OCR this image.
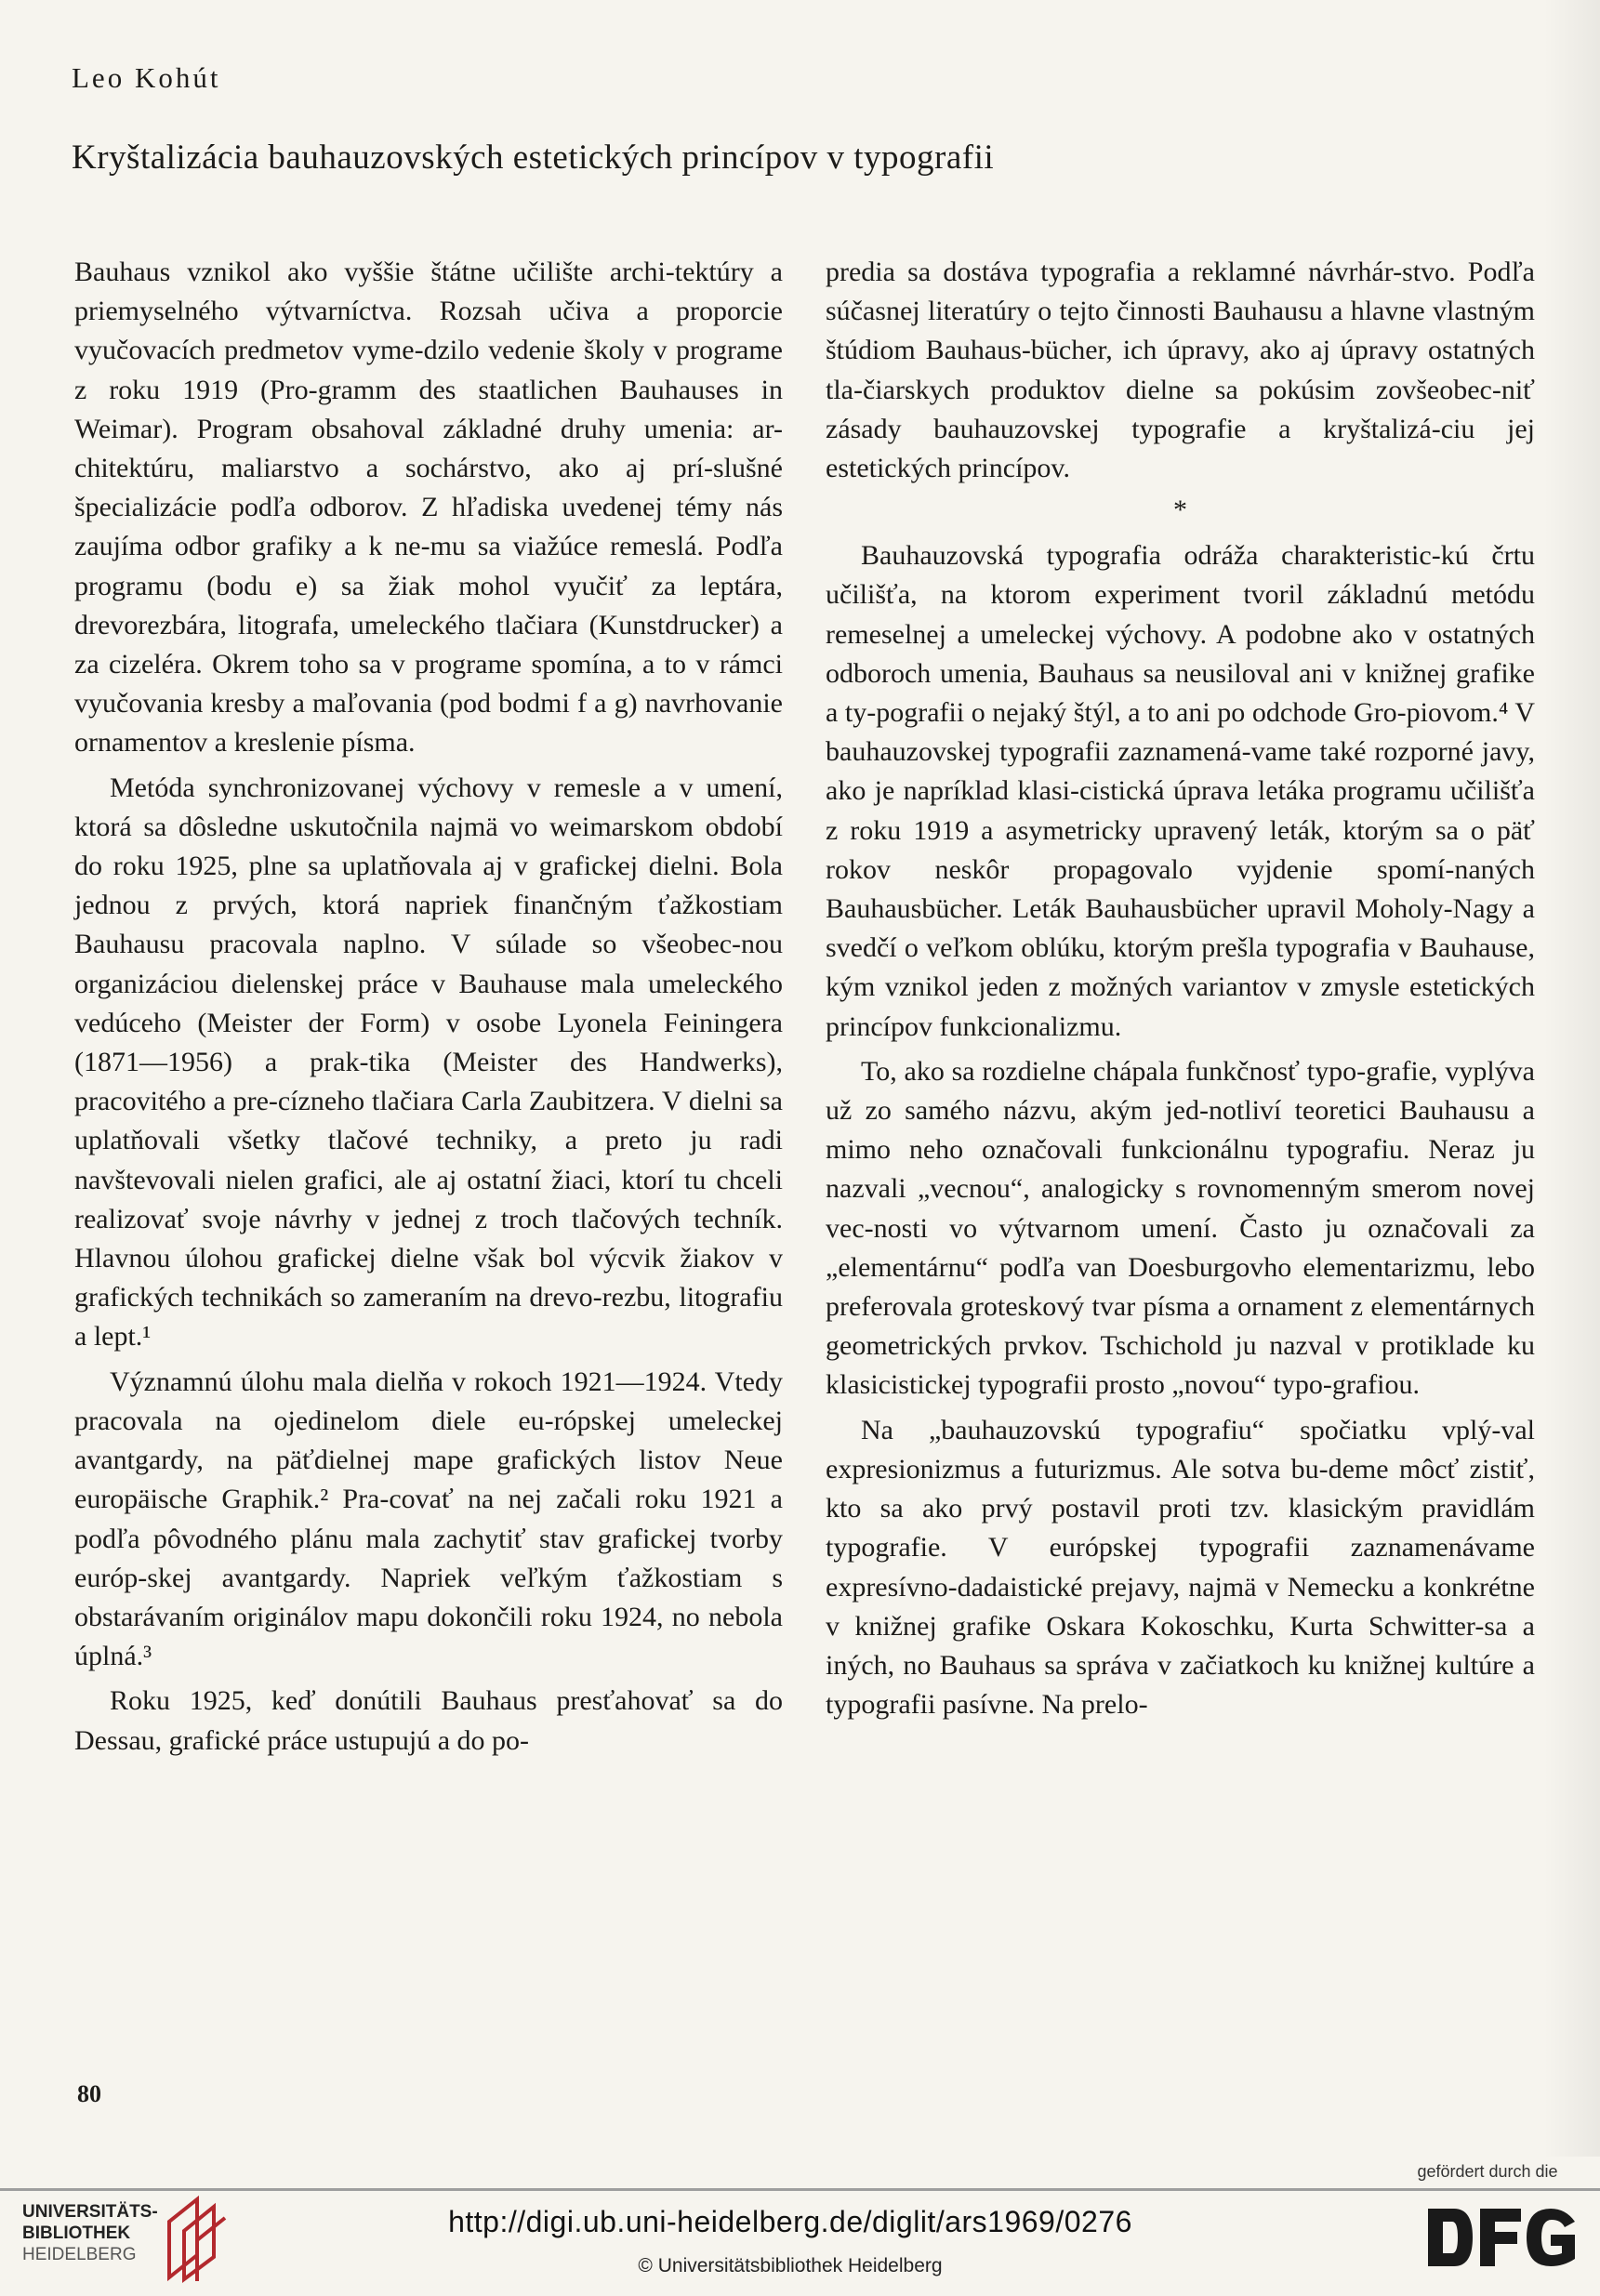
Leo Kohút
Kryštalizácia bauhauzovských estetických princípov v typografii

Bauhaus vznikol ako vyššie štátne učilište archi-tektúry a priemyselného výtvarníctva. Rozsah učiva a proporcie vyučovacích predmetov vyme-dzilo vedenie školy v programe z roku 1919 (Pro-gramm des staatlichen Bauhauses in Weimar). Program obsahoval základné druhy umenia: ar-chitektúru, maliarstvo a sochárstvo, ako aj prí-slušné špecializácie podľa odborov. Z hľadiska uvedenej témy nás zaujíma odbor grafiky a k ne-mu sa viažúce remeslá. Podľa programu (bodu e) sa žiak mohol vyučiť za leptára, drevorezbára, litografa, umeleckého tlačiara (Kunstdrucker) a za cizeléra. Okrem toho sa v programe spomína, a to v rámci vyučovania kresby a maľovania (pod bodmi f a g) navrhovanie ornamentov a kreslenie písma.

Metóda synchronizovanej výchovy v remesle a v umení, ktorá sa dôsledne uskutočnila najmä vo weimarskom období do roku 1925, plne sa uplatňovala aj v grafickej dielni. Bola jednou z prvých, ktorá napriek finančným ťažkostiam Bauhausu pracovala naplno. V súlade so všeobec-nou organizáciou dielenskej práce v Bauhause mala umeleckého vedúceho (Meister der Form) v osobe Lyonela Feiningera (1871—1956) a prak-tika (Meister des Handwerks), pracovitého a pre-cízneho tlačiara Carla Zaubitzera. V dielni sa uplatňovali všetky tlačové techniky, a preto ju radi navštevovali nielen grafici, ale aj ostatní žiaci, ktorí tu chceli realizovať svoje návrhy v jednej z troch tlačových techník. Hlavnou úlohou grafickej dielne však bol výcvik žiakov v grafických technikách so zameraním na drevo-rezbu, litografiu a lept.¹

Významnú úlohu mala dielňa v rokoch 1921—1924. Vtedy pracovala na ojedinelom diele eu-rópskej umeleckej avantgardy, na päťdielnej mape grafických listov Neue europäische Graphik.² Pra-covať na nej začali roku 1921 a podľa pôvodného plánu mala zachytiť stav grafickej tvorby európ-skej avantgardy. Napriek veľkým ťažkostiam s obstarávaním originálov mapu dokončili roku 1924, no nebola úplná.³

Roku 1925, keď donútili Bauhaus presťahovať sa do Dessau, grafické práce ustupujú a do po-

predia sa dostáva typografia a reklamné návrhár-stvo. Podľa súčasnej literatúry o tejto činnosti Bauhausu a hlavne vlastným štúdiom Bauhaus-bücher, ich úpravy, ako aj úpravy ostatných tla-čiarskych produktov dielne sa pokúsim zovšeobec-niť zásady bauhauzovskej typografie a kryštalizá-ciu jej estetických princípov.

*

Bauhauzovská typografia odráža charakteristic-kú črtu učilišťa, na ktorom experiment tvoril základnú metódu remeselnej a umeleckej výchovy. A podobne ako v ostatných odboroch umenia, Bauhaus sa neusiloval ani v knižnej grafike a ty-pografii o nejaký štýl, a to ani po odchode Gro-piovom.⁴ V bauhauzovskej typografii zaznamená-vame také rozporné javy, ako je napríklad klasi-cistická úprava letáka programu učilišťa z roku 1919 a asymetricky upravený leták, ktorým sa o päť rokov neskôr propagovalo vyjdenie spomí-naných Bauhausbücher. Leták Bauhausbücher upravil Moholy-Nagy a svedčí o veľkom oblúku, ktorým prešla typografia v Bauhause, kým vznikol jeden z možných variantov v zmysle estetických princípov funkcionalizmu.

To, ako sa rozdielne chápala funkčnosť typo-grafie, vyplýva už zo samého názvu, akým jed-notliví teoretici Bauhausu a mimo neho označovali funkcionálnu typografiu. Neraz ju nazvali „vecnou“, analogicky s rovnomenným smerom novej vec-nosti vo výtvarnom umení. Často ju označovali za „elementárnu“ podľa van Doesburgovho elementarizmu, lebo preferovala groteskový tvar písma a ornament z elementárnych geometrických prvkov. Tschichold ju nazval v protiklade ku klasicistickej typografii prosto „novou“ typo-grafiou.

Na „bauhauzovskú typografiu“ spočiatku vplý-val expresionizmus a futurizmus. Ale sotva bu-deme môcť zistiť, kto sa ako prvý postavil proti tzv. klasickým pravidlám typografie. V európskej typografii zaznamenávame expresívno-dadaistické prejavy, najmä v Nemecku a konkrétne v knižnej grafike Oskara Kokoschku, Kurta Schwitter-sa a iných, no Bauhaus sa správa v začiatkoch ku knižnej kultúre a typografii pasívne. Na prelo-

80
UNIVERSITÄTS-
BIBLIOTHEK
HEIDELBERG
http://digi.ub.uni-heidelberg.de/diglit/ars1969/0276
© Universitätsbibliothek Heidelberg
gefördert durch die
